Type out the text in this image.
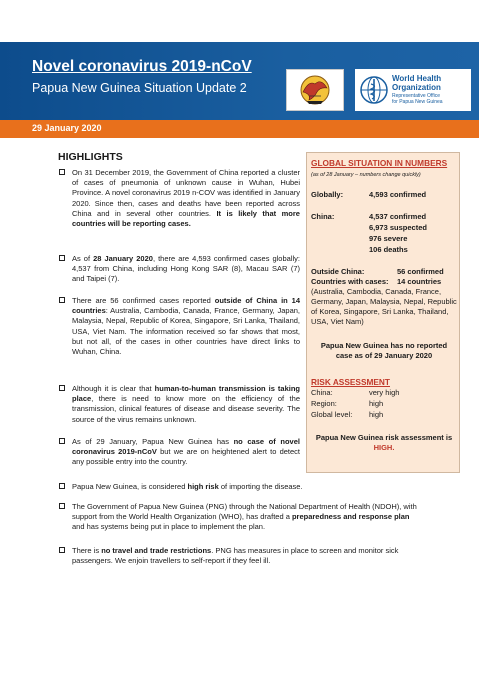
Novel coronavirus 2019-nCoV
Papua New Guinea Situation Update 2
World Health
Organization
Representative Office
for Papua New Guinea
29 January 2020
HIGHLIGHTS
On 31 December 2019, the Government of China reported a cluster of cases of pneumonia of unknown cause in Wuhan, Hubei Province. A novel coronavirus 2019 n-COV was identified in January 2020. Since then, cases and deaths have been reported across China and in several other countries. It is likely that more countries will be reporting cases.
As of 28 January 2020, there are 4,593 confirmed cases globally: 4,537 from China, including Hong Kong SAR (8), Macau SAR (7) and Taipei (7).
There are 56 confirmed cases reported outside of China in 14 countries: Australia, Cambodia, Canada, France, Germany, Japan, Malaysia, Nepal, Republic of Korea, Singapore, Sri Lanka, Thailand, USA, Viet Nam. The information received so far shows that most, but not all, of the cases in other countries have direct links to Wuhan, China.
Although it is clear that human-to-human transmission is taking place, there is need to know more on the efficiency of the transmission, clinical features of disease and disease severity. The source of the virus remains unknown.
As of 29 January, Papua New Guinea has no case of novel coronavirus 2019-nCoV but we are on heightened alert to detect any possible entry into the country.
Papua New Guinea, is considered high risk of importing the disease.
The Government of Papua New Guinea (PNG) through the National Department of Health (NDOH), with support from the World Health Organization (WHO), has drafted a preparedness and response plan and has systems being put in place to implement the plan.
There is no travel and trade restrictions. PNG has measures in place to screen and monitor sick passengers. We enjoin travellers to self-report if they feel ill.
GLOBAL SITUATION IN NUMBERS
(as of 28 January – numbers change quickly)
Globally:	4,593 confirmed
China:	4,537 confirmed
6,973 suspected
976 severe
106 deaths
Outside China:	56 confirmed
Countries with cases: 14 countries
(Australia, Cambodia, Canada, France, Germany, Japan, Malaysia, Nepal, Republic of Korea, Singapore, Sri Lanka, Thailand, USA, Viet Nam)
Papua New Guinea has no reported case as of 29 January 2020
RISK ASSESSMENT
China:	very high
Region:	high
Global level: high
Papua New Guinea risk assessment is
HIGH.
